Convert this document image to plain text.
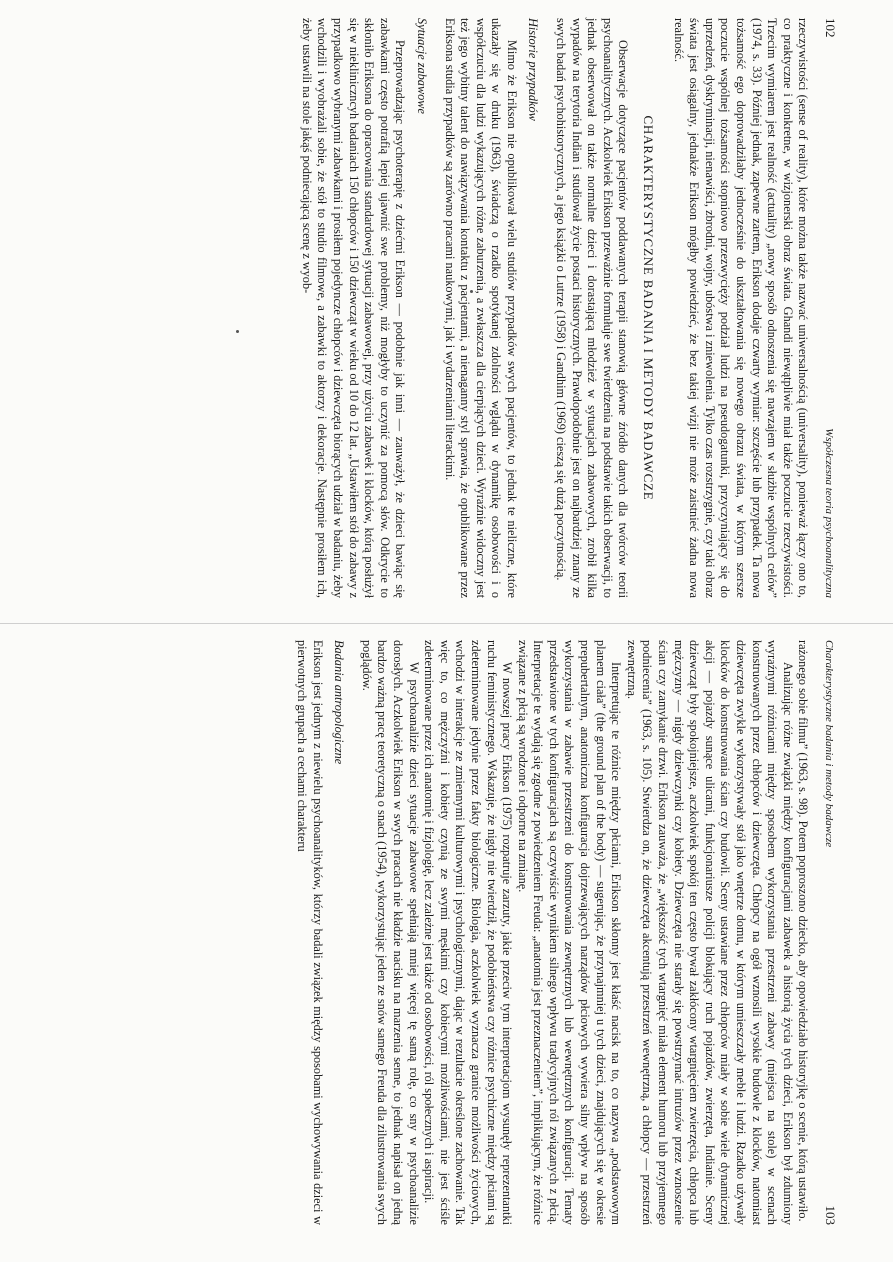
102
Współczesna teoria psychoanalityczna

rzeczywistości (sense of reality), które można także nazwać uniwersalnością (universality), ponieważ łączy ono to, co praktyczne i konkretne, w wizjonerski obraz świata. Ghandi niewątpliwie miał także poczucie rzeczywistości. Trzecim wymiarem jest realność (actuality) „nowy sposób odnoszenia się nawzajem w służbie wspólnych celów” (1974, s. 33). Później jednak, zapewne zartem, Erikson dodaje czwarty wymiar: szczęście lub przypadek. Ta nowa tożsamość ego doprowadziłaby jednocześnie do ukształtowania się nowego obrazu świata, w którym szersze poczucie wspólnej tożsamości stopniowo przezwycięży podział ludzi na pseudogatunki, przyczyniający się do uprzedzeń, dyskryminacji, nienawiści, zbrodni, wojny, ubóstwa i zniewolenia. Tylko czas rozstrzygnie, czy taki obraz świata jest osiągalny, jednakże Erikson mógłby powiedzieć, że bez takiej wizji nie może zaistnieć żadna nowa realność.

CHARAKTERYSTYCZNE BADANIA I METODY BADAWCZE

Obserwacje dotyczące pacjentów poddawanych terapii stanowią główne źródło danych dla twórców teorii psychoanalitycznych. Aczkolwiek Erikson przeważnie formułuje swe twierdzenia na podstawie takich obserwacji, to jednak obserwował on także normalne dzieci i dorastającą młodzież w sytuacjach zabawowych, zrobił kilka wypadów na terytoria Indian i studiował życie postaci historycznych. Prawdopodobnie jest on najbardziej znany ze swych badań psychohistorycznych, a jego książki o Lutrze (1958) i Gandhim (1969) cieszą się dużą poczytnością.

Historie przypadków

Mimo że Erikson nie opublikował wielu studiów przypadków swych pacjentów, to jednak te nieliczne, które ukazały się w druku (1963), świadczą o rzadko spotykanej zdolności wglądu w dynamikę osobowości i o współczuciu dla ludzi wykazujących różne zaburzenia, a zwłaszcza dla cierpiących dzieci. Wyraźnie widoczny jest też jego wybitny talent do nawiązywania kontaktu z pacjentami, a nienaganny styl sprawia, że opublikowane przez Eriksona studia przypadków są zarówno pracami naukowymi, jak i wydarzeniami literackimi.

Sytuacje zabawowe

Przeprowadzając psychoterapię z dziećmi Erikson — podobnie jak inni — zauważył, że dzieci bawiąc się zabawkami często potrafią lepiej ujawnić swe problemy, niż mogłyby to uczynić za pomocą słów. Odkrycie to skłoniło Eriksona do opracowania standardowej sytuacji zabawowej, przy użyciu zabawek i klocków, którą posłużył się w niekliniczncyh badaniach 150 chłopców i 150 dziewcząt w wieku od 10 do 12 lat. „Ustawiłem stół do zabawy z przypadkowo wybranymi zabawkami i prosiłem pojedyncze chłopców i dziewczęta biorących udział w badaniu, żeby wchodzili i wyobrażali sobie, że stół to studio filmowe, a zabawki to aktorzy i dekoracje. Następnie prosiłem ich, żeby ustawili na stole jakąś podniecającą scenę z wyob-

Charakterystyczne badania i metody badawcze
103

rażonego sobie filmu” (1963, s. 98). Potem poproszono dziecko, aby opowiedziało historyjkę o scenie, którą ustawiło.

Analizując różne związki między konfiguracjami zabawek a historią życia tych dzieci, Erikson był zdumiony wyraźnymi różnicami między sposobem wykorzystania przestrzeni zabawy (miejsca na stole) w scenach konstruowanych przez chłopców i dziewczęta. Chłopcy na ogół wznosili wysokie budowle z klocków, natomiast dziewczęta zwykle wykorzystywały stół jako wnętrze domu, w którym umieszczały meble i ludzi. Rzadko używały klocków do konstruowania ścian czy budowli. Sceny ustawiane przez chłopców miały w sobie wiele dynamicznej akcji — pojazdy sunące ulicami, funkcjonariusze policji blokujący ruch pojazdów, zwierzęta, Indianie. Sceny dziewcząt były spokojniejsze, aczkolwiek spokój ten często bywał zakłócony wtargnięciem zwierzęcia, chłopca lub mężczyzny — nigdy dziewczynki czy kobiety. Dziewczęta nie starały się powstrzymać intruzów przez wznoszenie ścian czy zamykanie drzwi. Erikson zauważa, że „większość tych wtargnięć miała element humoru lub przyjemnego podniecenia” (1963, s. 105). Stwierdza on, że dziewczęta akcentują przestrzeń wewnętrzną, a chłopcy — przestrzeń zewnętrzną.

Interpretując te różnice między płciami, Erikson skłonny jest kłaść nacisk na to, co nazywa „podstawowym planem ciała” (the ground plan of the body) — sugerując, że przynajmniej u tych dzieci, znajdujących się w okresie prepubertalnym, anatomiczna konfiguracja dojrzewających narządów płciowych wywiera silny wpływ na sposób wykorzystania w zabawie przestrzeni do konstruowania zewnętrznych lub wewnętrznych konfiguracji. Tematy przedstawione w tych konfiguracjach są oczywiście wynikiem silnego wpływu tradycyjnych ról związanych z płcią. Interpretacje te wydają się zgodne z powiedzeniem Freuda: „anatomia jest przeznaczeniem”, implikującym, że różnice związane z płcią są wrodzone i odporne na zmianę.

W nowszej pracy Erikson (1975) rozpatruje zarzuty, jakie przeciw tym interpretacjom wysunęły reprezentantki ruchu feministycznego. Wskazuje, że nigdy nie twierdził, że podobieństwa czy różnice psychiczne między płciami są zdeterminowane jedynie przez fakty biologiczne. Biologia, aczkolwiek wyznacza granice możliwości życiowych, wchodzi w interakcje ze zmiennymi kulturowymi i psychologicznymi, dając w rezultacie określone zachowanie. Tak więc to, co mężczyźni i kobiety czynią ze swymi męskimi czy kobiecymi możliwościami, nie jest ściśle zdeterminowane przez ich anatomię i fizjologię, lecz zależne jest także od osobowości, ról społecznych i aspiracji.

W psychoanalizie dzieci sytuacje zabawowe spełniają mniej więcej tę samą rolę, co sny w psychoanalizie dorosłych. Aczkolwiek Erikson w swych pracach nie kładzie nacisku na marzenia senne, to jednak napisał on jedną bardzo ważną pracę teoretyczną o snach (1954), wykorzystując jeden ze snów samego Freuda dla zilustrowania swych poglądów.

Badania antropologiczne

Erikson jest jednym z niewielu psychoanalityków, którzy badali związek między sposobami wychowywania dzieci w pierwotnych grupach a cechami charakteru
